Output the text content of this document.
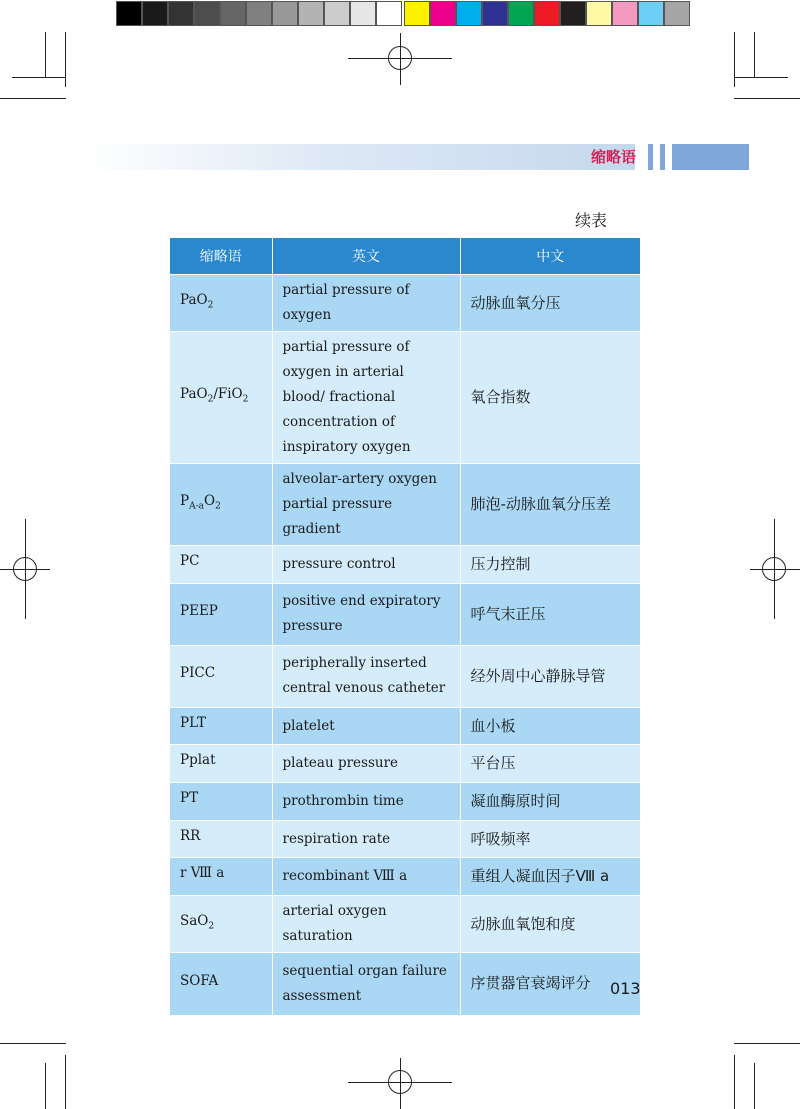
缩略语
续表
缩略语	英文	中文
PaO$_2$	partial pressure of oxygen	动脉血氧分压
PaO$_2$/FiO$_2$	partial pressure of oxygen in arterial blood/ fractional concentration of inspiratory oxygen	氧合指数
$P_{A-a}O_2$	alveolar-artery oxygen partial pressure gradient	肺泡-动脉血氧分压差
PC	pressure control	压力控制
PEEP	positive end expiratory pressure	呼气末正压
PICC	peripherally inserted central venous catheter	经外周中心静脉导管
PLT	platelet	血小板
Pplat	plateau pressure	平台压
PT	prothrombin time	凝血酶原时间
RR	respiration rate	呼吸频率
r Ⅷ a	recombinant Ⅷ a	重组人凝血因子Ⅷ a
SaO$_2$	arterial oxygen saturation	动脉血氧饱和度
SOFA	sequential organ failure assessment	序贯器官衰竭评分 013
